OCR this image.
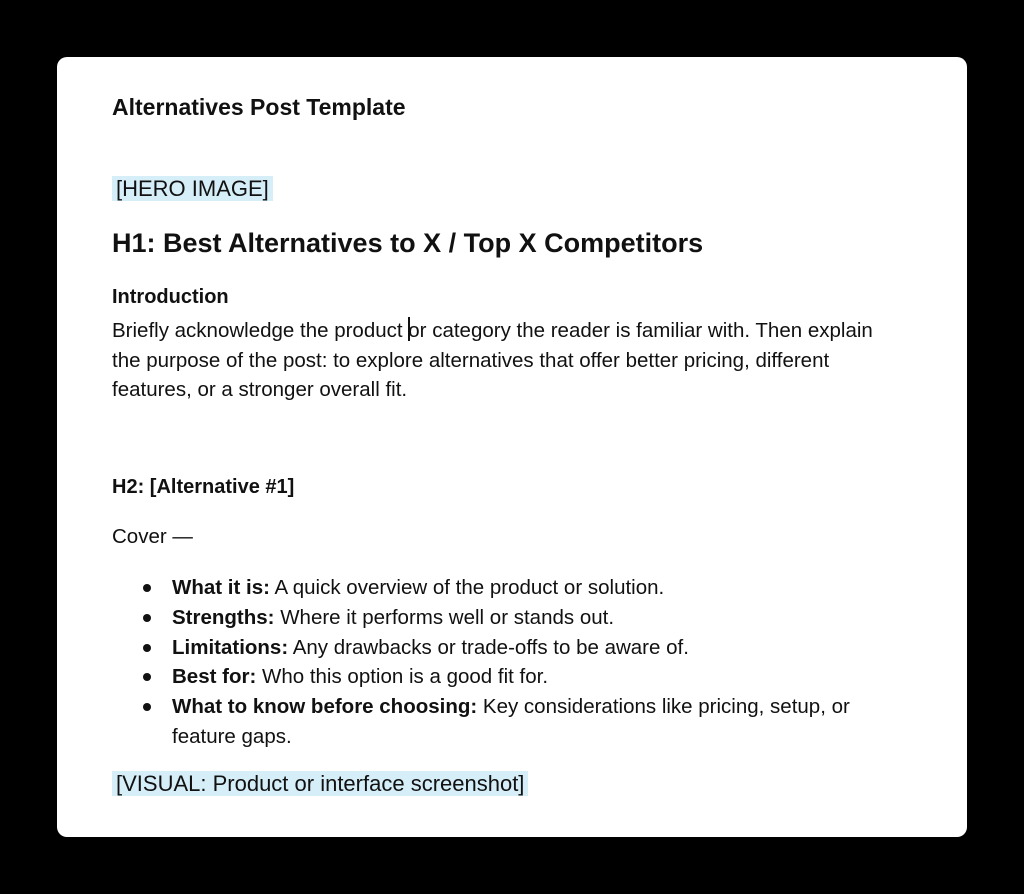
Alternatives Post Template
[HERO IMAGE]
H1: Best Alternatives to X / Top X Competitors
Introduction
Briefly acknowledge the product or category the reader is familiar with. Then explain the purpose of the post: to explore alternatives that offer better pricing, different features, or a stronger overall fit.
H2: [Alternative #1]
Cover —
What it is: A quick overview of the product or solution.
Strengths: Where it performs well or stands out.
Limitations: Any drawbacks or trade-offs to be aware of.
Best for: Who this option is a good fit for.
What to know before choosing: Key considerations like pricing, setup, or feature gaps.
[VISUAL: Product or interface screenshot]
